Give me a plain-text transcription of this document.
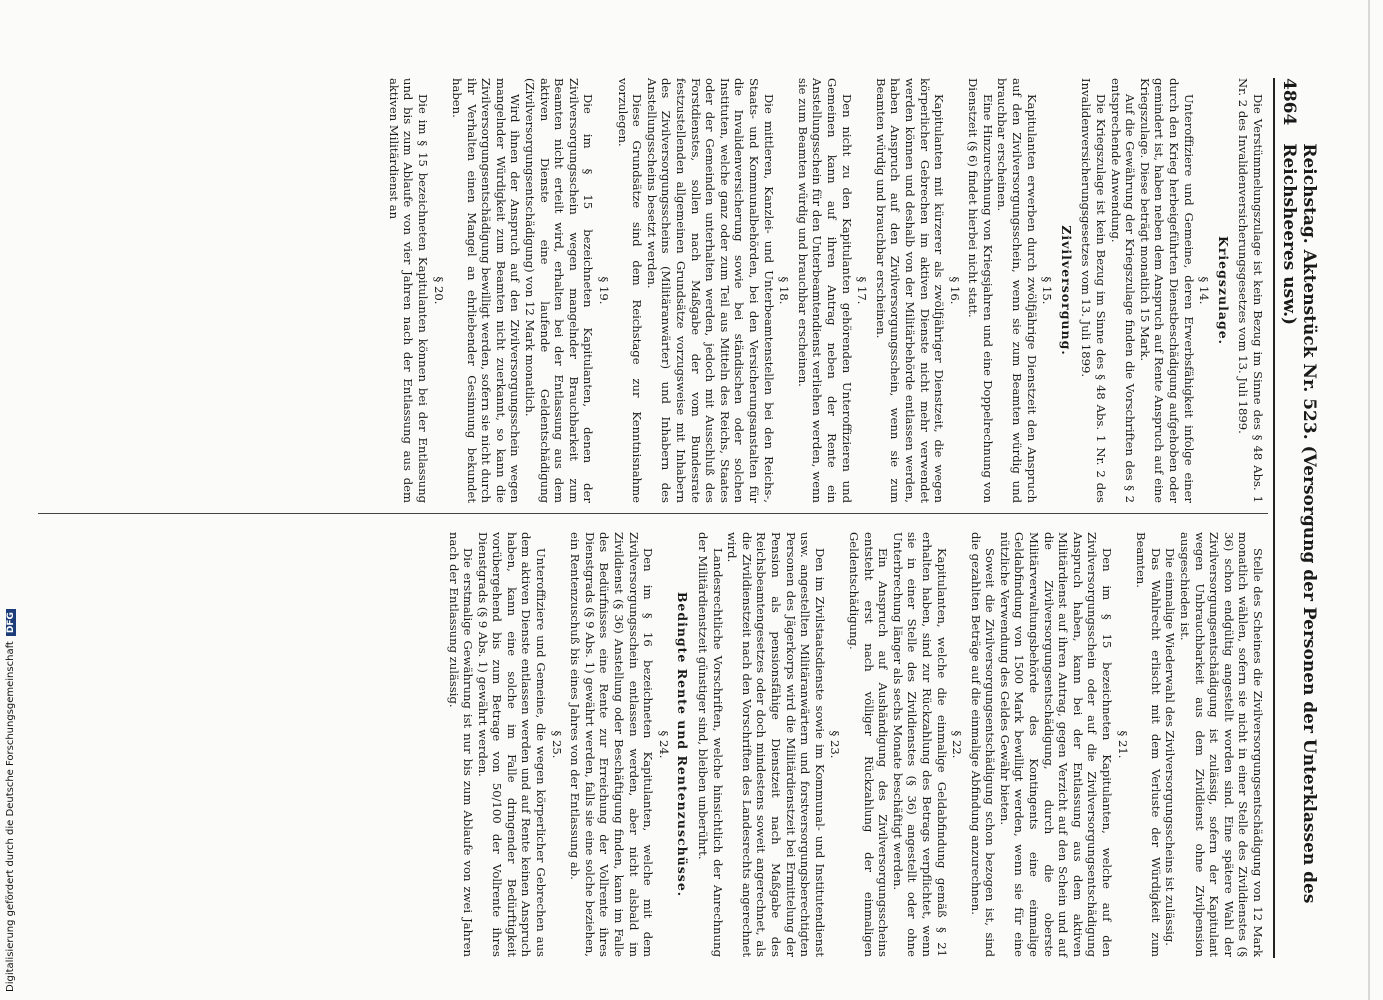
4864
Reichstag. Aktenstück Nr. 523. (Versorgung der Personen der Unterklassen des Reichsheeres usw.)

Die Verstümmelungszulage ist kein Bezug im Sinne des § 48 Abs. 1 Nr. 2 des Invalidenversicherungsgesetzes vom 13. Juli 1899.

Kriegszulage.
§ 14.

Unteroffiziere und Gemeine, deren Erwerbsfähigkeit infolge einer durch den Krieg herbeigeführten Dienstbeschädigung aufgehoben oder gemindert ist, haben neben dem Anspruch auf Rente Anspruch auf eine Kriegszulage. Diese beträgt monatlich 15 Mark.

Auf die Gewährung der Kriegszulage finden die Vorschriften des § 2 entsprechende Anwendung.

Die Kriegszulage ist kein Bezug im Sinne des § 48 Abs. 1 Nr. 2 des Invalidenversicherungsgesetzes vom 13. Juli 1899.

Zivilversorgung.
§ 15.

Kapitulanten erwerben durch zwölfjährige Dienstzeit den Anspruch auf den Zivilversorgungsschein, wenn sie zum Beamten würdig und brauchbar erscheinen.

Eine Hinzurechnung von Kriegsjahren und eine Doppelrechnung von Dienstzeit (§ 6) findet hierbei nicht statt.

§ 16.

Kapitulanten mit kürzerer als zwölfjähriger Dienstzeit, die wegen körperlicher Gebrechen im aktiven Dienste nicht mehr verwendet werden können und deshalb von der Militärbehörde entlassen werden, haben Anspruch auf den Zivilversorgungsschein, wenn sie zum Beamten würdig und brauchbar erscheinen.

§ 17.

Den nicht zu den Kapitulanten gehörenden Unteroffizieren und Gemeinen kann auf ihren Antrag neben der Rente ein Anstellungsschein für den Unterbeamtendienst verliehen werden, wenn sie zum Beamten würdig und brauchbar erscheinen.

§ 18.

Die mittleren, Kanzlei- und Unterbeamtenstellen bei den Reichs-, Staats- und Kommunalbehörden, bei den Versicherungsanstalten für die Invalidenversicherung sowie bei ständischen oder solchen Instituten, welche ganz oder zum Teil aus Mitteln des Reichs, Staates oder der Gemeinden unterhalten werden, jedoch mit Ausschluß des Forstdienstes, sollen nach Maßgabe der vom Bundesrate festzustellenden allgemeinen Grundsätze vorzugsweise mit Inhabern des Zivilversorgungsscheins (Militäranwärter) und Inhabern des Anstellungsscheins besetzt werden.

Diese Grundsätze sind dem Reichstage zur Kenntnisnahme vorzulegen.

§ 19.

Die im § 15 bezeichneten Kapitulanten, denen der Zivilversorgungsschein wegen mangelnder Brauchbarkeit zum Beamten nicht erteilt wird, erhalten bei der Entlassung aus dem aktiven Dienste eine laufende Geldentschädigung (Zivilversorgungsentschädigung) von 12 Mark monatlich.

Wird ihnen der Anspruch auf den Zivilversorgungsschein wegen mangelnder Würdigkeit zum Beamten nicht zuerkannt, so kann die Zivilversorgungsentschädigung bewilligt werden, sofern sie nicht durch ihr Verhalten einen Mangel an ehrliebender Gesinnung bekundet haben.

§ 20.

Die im § 15 bezeichneten Kapitulanten können bei der Entlassung und bis zum Ablaufe von vier Jahren nach der Entlassung aus dem aktiven Militärdienst an

Stelle des Scheines die Zivilversorgungsentschädigung von 12 Mark monatlich wählen, sofern sie nicht in einer Stelle des Zivildienstes (§ 36) schon endgültig angestellt worden sind. Eine spätere Wahl der Zivilversorgungsentschädigung ist zulässig, sofern der Kapitulant wegen Unbrauchbarkeit aus dem Zivildienst ohne Zivilpension ausgeschieden ist.

Die einmalige Wiederwahl des Zivilversorgungsscheins ist zulässig.

Das Wahlrecht erlischt mit dem Verluste der Würdigkeit zum Beamten.

§ 21.

Den im § 15 bezeichneten Kapitulanten, welche auf den Zivilversorgungsschein oder auf die Zivilversorgungsentschädigung Anspruch haben, kann bei der Entlassung aus dem aktiven Militärdienst auf ihren Antrag, gegen Verzicht auf den Schein und auf die Zivilversorgungsentschädigung, durch die oberste Militärverwaltungsbehörde des Kontingents eine einmalige Geldabfindung von 1500 Mark bewilligt werden, wenn sie für eine nützliche Verwendung des Geldes Gewähr bieten.

Soweit die Zivilversorgungsentschädigung schon bezogen ist, sind die gezahlten Beträge auf die einmalige Abfindung anzurechnen.

§ 22.

Kapitulanten, welche die einmalige Geldabfindung gemäß § 21 erhalten haben, sind zur Rückzahlung des Betrags verpflichtet, wenn sie in einer Stelle des Zivildienstes (§ 36) angestellt oder ohne Unterbrechung länger als sechs Monate beschäftigt werden.

Ein Anspruch auf Aushändigung des Zivilversorgungsscheins entsteht erst nach völliger Rückzahlung der einmaligen Geldentschädigung.

§ 23.

Den im Zivilstaatsdienste sowie im Kommunal- und Institutendienst usw. angestellten Militäranwärtern und forstversorgungsberechtigten Personen des Jägerkorps wird die Militärdienstzeit bei Ermittelung der Pension als pensionsfähige Dienstzeit nach Maßgabe des Reichsbeamtengesetzes oder doch mindestens soweit angerechnet, als die Zivildienstzeit nach den Vorschriften des Landesrechts angerechnet wird.

Landesrechtliche Vorschriften, welche hinsichtlich der Anrechnung der Militärdienstzeit günstiger sind, bleiben unberührt.

Bedingte Rente und Rentenzuschüsse.
§ 24.

Den im § 16 bezeichneten Kapitulanten, welche mit dem Zivilversorgungsschein entlassen werden, aber nicht alsbald im Zivildienst (§ 36) Anstellung oder Beschäftigung finden, kann im Falle des Bedürfnisses eine Rente zur Erreichung der Vollrente ihres Dienstgrads (§ 9 Abs. 1) gewährt werden, falls sie eine solche beziehen, ein Rentenzuschuß bis eines Jahres von der Entlassung ab.

§ 25.

Unteroffiziere und Gemeine, die wegen körperlicher Gebrechen aus dem aktiven Dienste entlassen werden und auf Rente keinen Anspruch haben, kann eine solche im Falle dringender Bedürftigkeit vorübergehend bis zum Betrage von 50/100 der Vollrente ihres Dienstgrads (§ 9 Abs. 1) gewährt werden.

Die erstmalige Gewährung ist nur bis zum Ablaufe von zwei Jahren nach der Entlassung zulässig.

Digitalisierung gefördert durch die Deutsche ForschungsgemeinschaftDFG
